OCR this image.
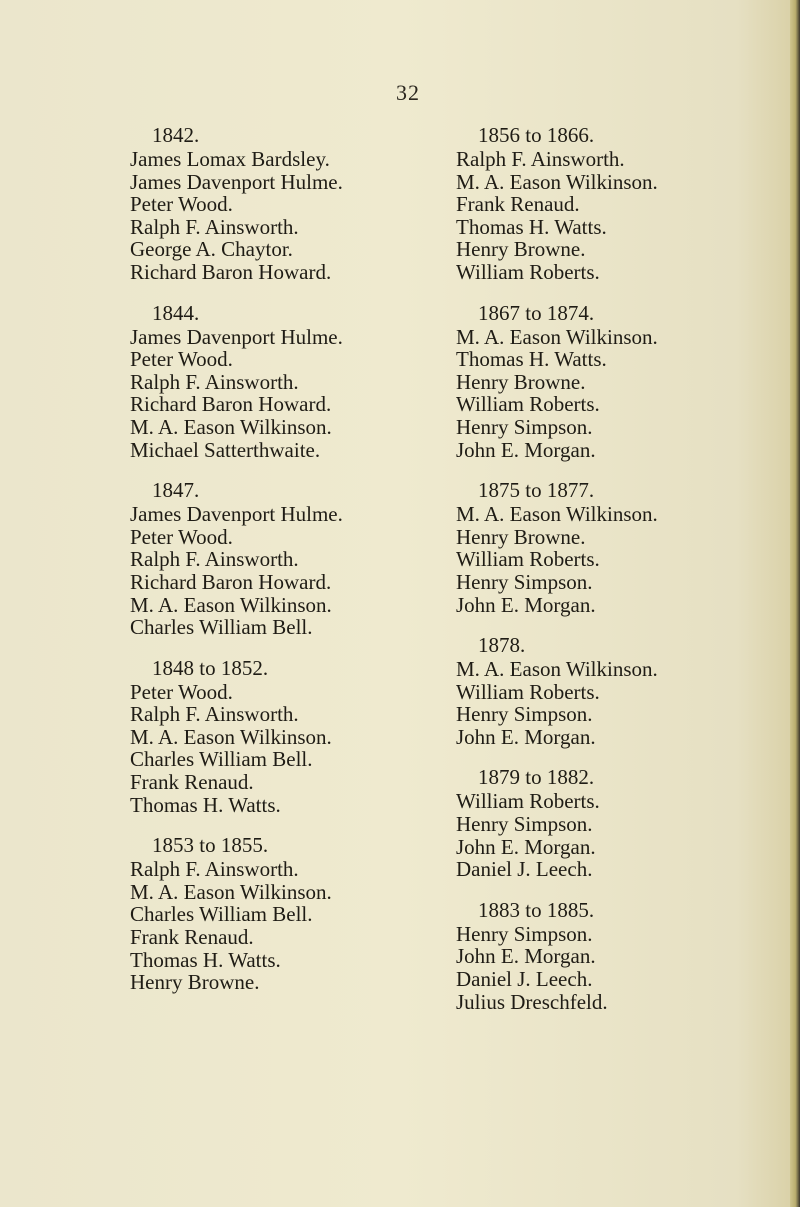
32
1842.
James Lomax Bardsley.
James Davenport Hulme.
Peter Wood.
Ralph F. Ainsworth.
George A. Chaytor.
Richard Baron Howard.
1844.
James Davenport Hulme.
Peter Wood.
Ralph F. Ainsworth.
Richard Baron Howard.
M. A. Eason Wilkinson.
Michael Satterthwaite.
1847.
James Davenport Hulme.
Peter Wood.
Ralph F. Ainsworth.
Richard Baron Howard.
M. A. Eason Wilkinson.
Charles William Bell.
1848 to 1852.
Peter Wood.
Ralph F. Ainsworth.
M. A. Eason Wilkinson.
Charles William Bell.
Frank Renaud.
Thomas H. Watts.
1853 to 1855.
Ralph F. Ainsworth.
M. A. Eason Wilkinson.
Charles William Bell.
Frank Renaud.
Thomas H. Watts.
Henry Browne.
1856 to 1866.
Ralph F. Ainsworth.
M. A. Eason Wilkinson.
Frank Renaud.
Thomas H. Watts.
Henry Browne.
William Roberts.
1867 to 1874.
M. A. Eason Wilkinson.
Thomas H. Watts.
Henry Browne.
William Roberts.
Henry Simpson.
John E. Morgan.
1875 to 1877.
M. A. Eason Wilkinson.
Henry Browne.
William Roberts.
Henry Simpson.
John E. Morgan.
1878.
M. A. Eason Wilkinson.
William Roberts.
Henry Simpson.
John E. Morgan.
1879 to 1882.
William Roberts.
Henry Simpson.
John E. Morgan.
Daniel J. Leech.
1883 to 1885.
Henry Simpson.
John E. Morgan.
Daniel J. Leech.
Julius Dreschfeld.
